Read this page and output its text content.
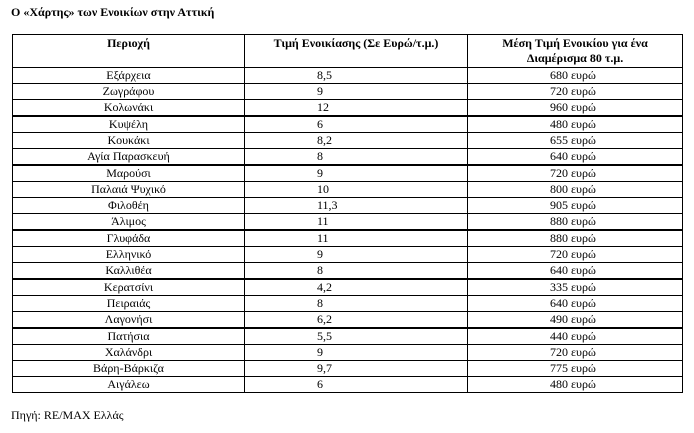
Ο «Χάρτης» των Ενοικίων στην Αττική
Περιοχή	Τιμή Ενοικίασης (Σε Ευρώ/τ.μ.)	Μέση Τιμή Ενοικίου για ένα Διαμέρισμα 80 τ.μ.
Εξάρχεια	8,5	680 ευρώ
Ζωγράφου	9	720 ευρώ
Κολωνάκι	12	960 ευρώ
Κυψέλη	6	480 ευρώ
Κουκάκι	8,2	655 ευρώ
Αγία Παρασκευή	8	640 ευρώ
Μαρούσι	9	720 ευρώ
Παλαιά Ψυχικό	10	800 ευρώ
Φιλοθέη	11,3	905 ευρώ
Άλιμος	11	880 ευρώ
Γλυφάδα	11	880 ευρώ
Ελληνικό	9	720 ευρώ
Καλλιθέα	8	640 ευρώ
Κερατσίνι	4,2	335 ευρώ
Πειραιάς	8	640 ευρώ
Λαγονήσι	6,2	490 ευρώ
Πατήσια	5,5	440 ευρώ
Χαλάνδρι	9	720 ευρώ
Βάρη-Βάρκιζα	9,7	775 ευρώ
Αιγάλεω	6	480 ευρώ
Πηγή: RE/MAX Ελλάς
